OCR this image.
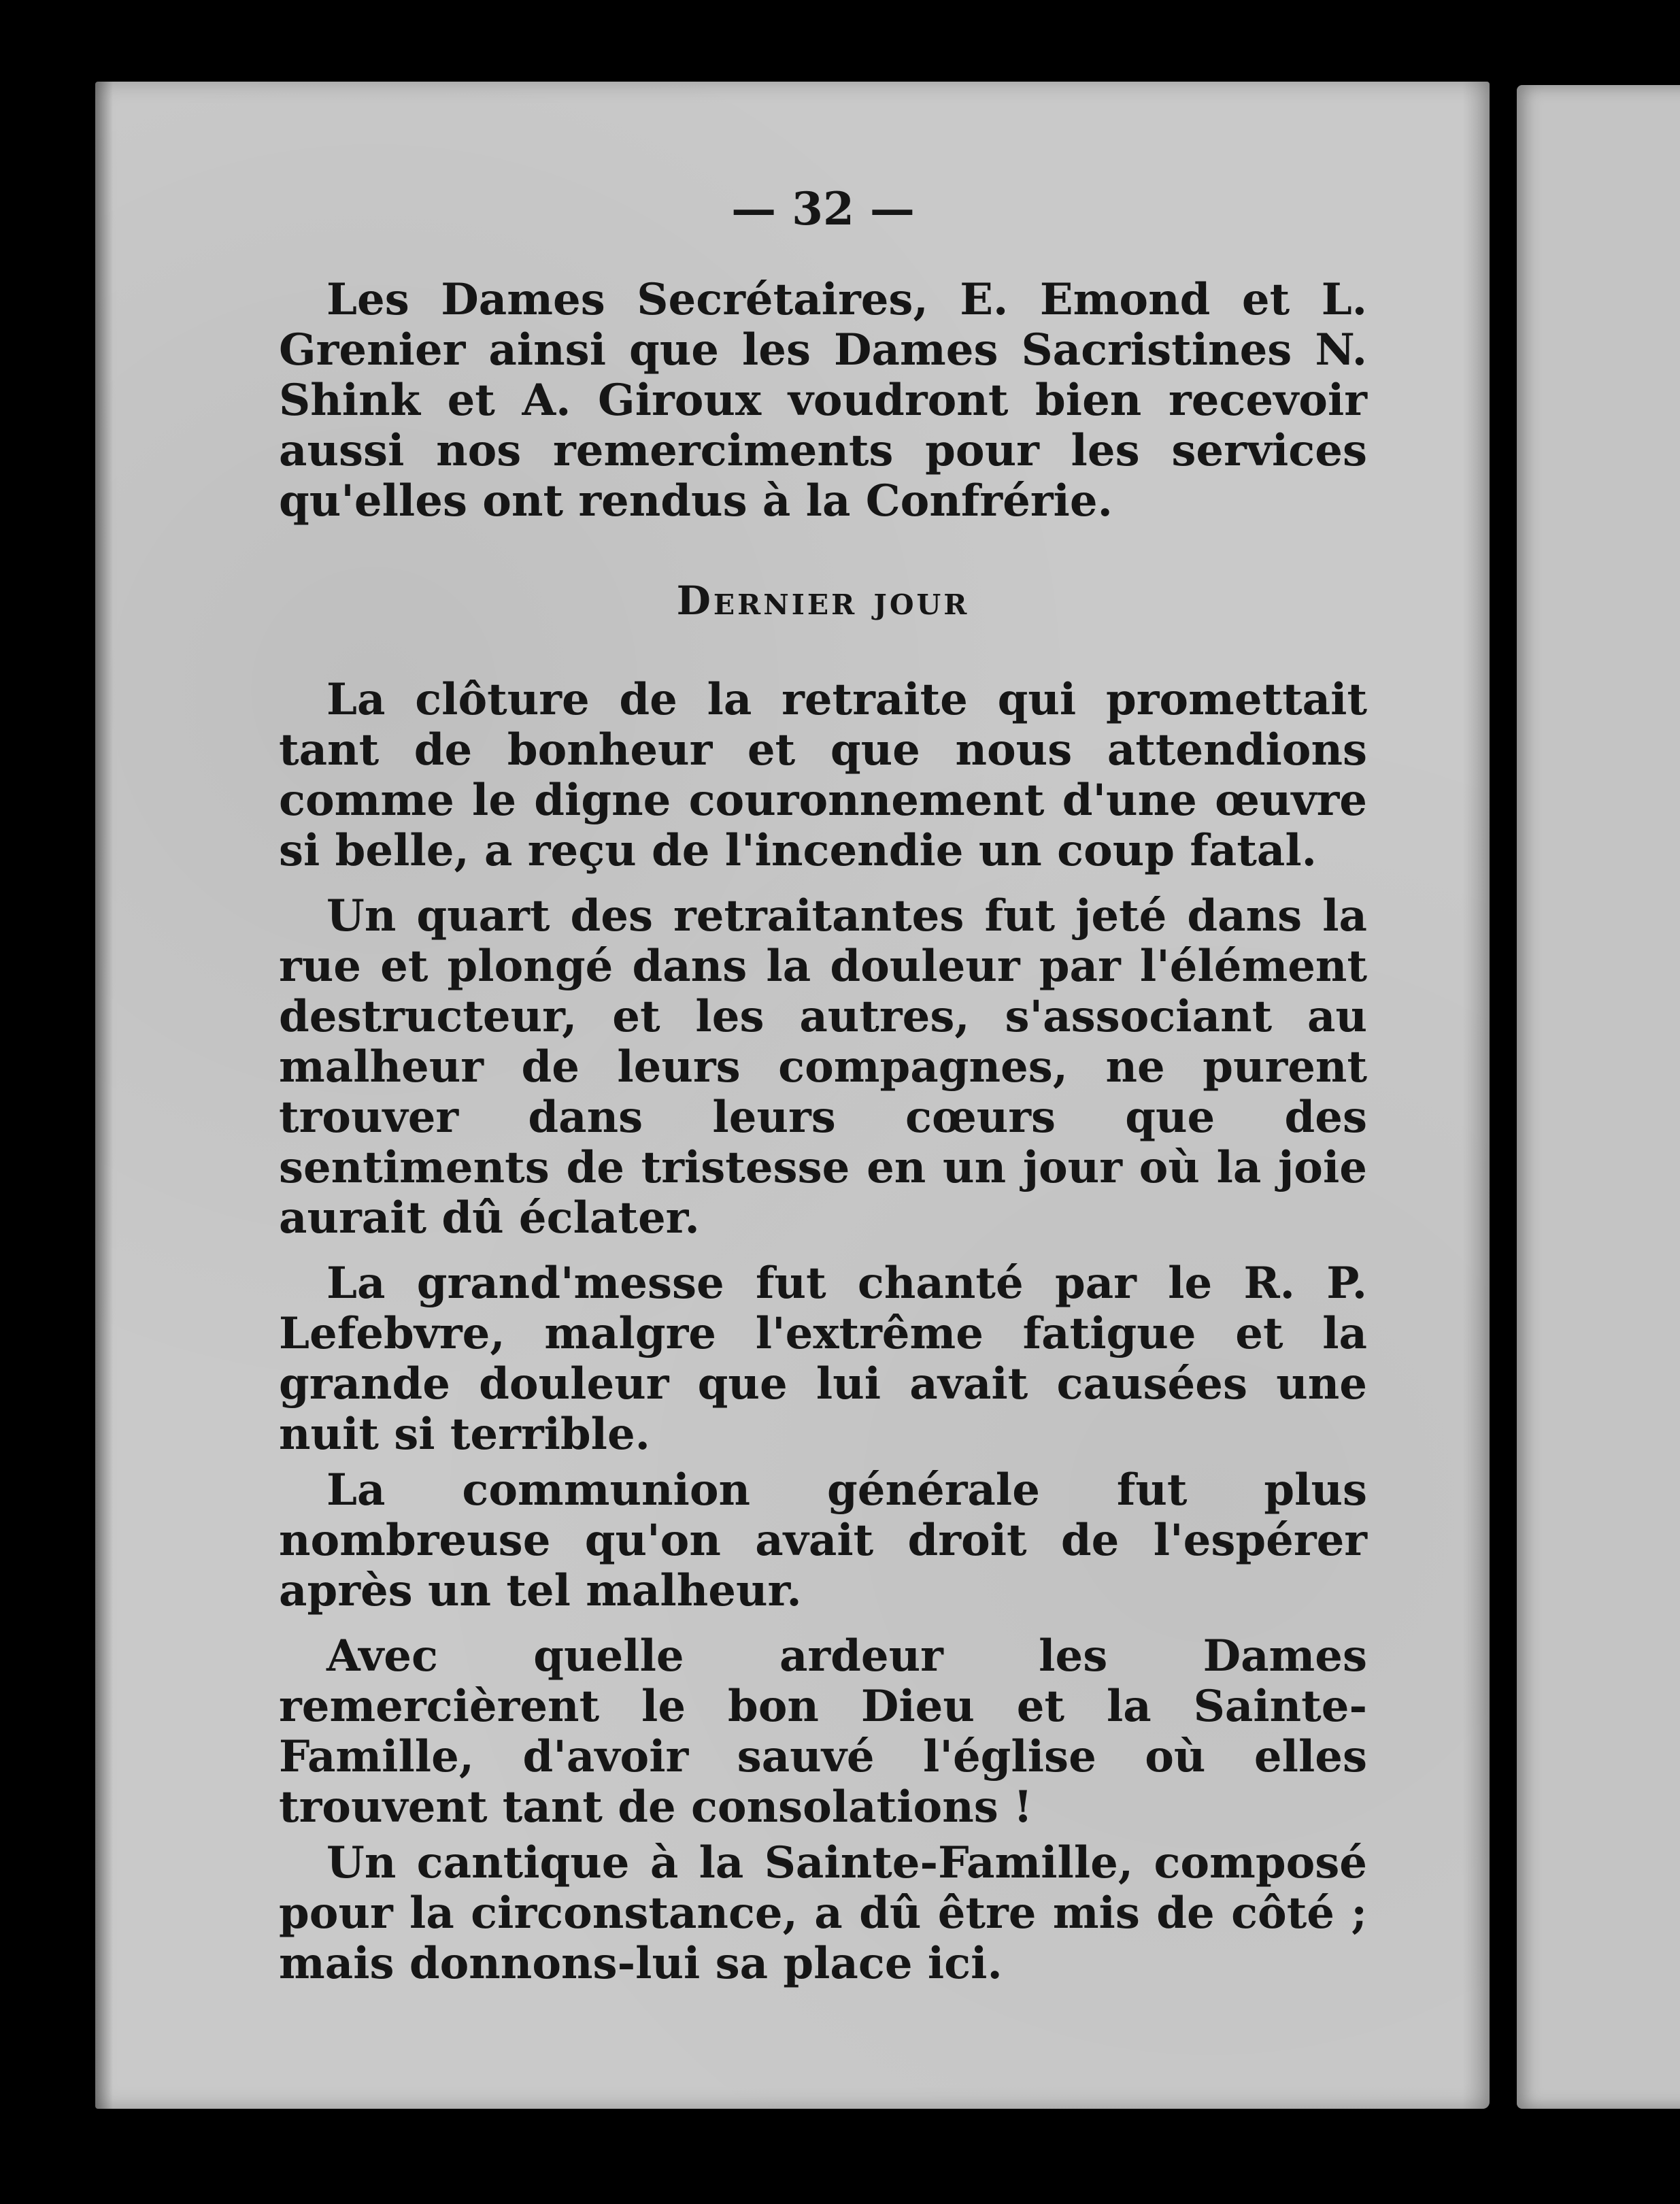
— 32 —

Les Dames Secrétaires, E. Emond et L. Grenier ainsi que les Dames Sacristines N. Shink et A. Giroux voudront bien recevoir aussi nos remerciments pour les services qu'elles ont rendus à la Confrérie.

Dernier jour

La clôture de la retraite qui promettait tant de bonheur et que nous attendions comme le digne couronnement d'une œuvre si belle, a reçu de l'incendie un coup fatal.

Un quart des retraitantes fut jeté dans la rue et plongé dans la douleur par l'élément destructeur, et les autres, s'associant au malheur de leurs compagnes, ne purent trouver dans leurs cœurs que des sentiments de tristesse en un jour où la joie aurait dû éclater.

La grand'messe fut chanté par le R. P. Lefebvre, malgre l'extrême fatigue et la grande douleur que lui avait causées une nuit si terrible.

La communion générale fut plus nombreuse qu'on avait droit de l'espérer après un tel malheur.

Avec quelle ardeur les Dames remercièrent le bon Dieu et la Sainte-Famille, d'avoir sauvé l'église où elles trouvent tant de consolations !

Un cantique à la Sainte-Famille, composé pour la circonstance, a dû être mis de côté ; mais donnons-lui sa place ici.
